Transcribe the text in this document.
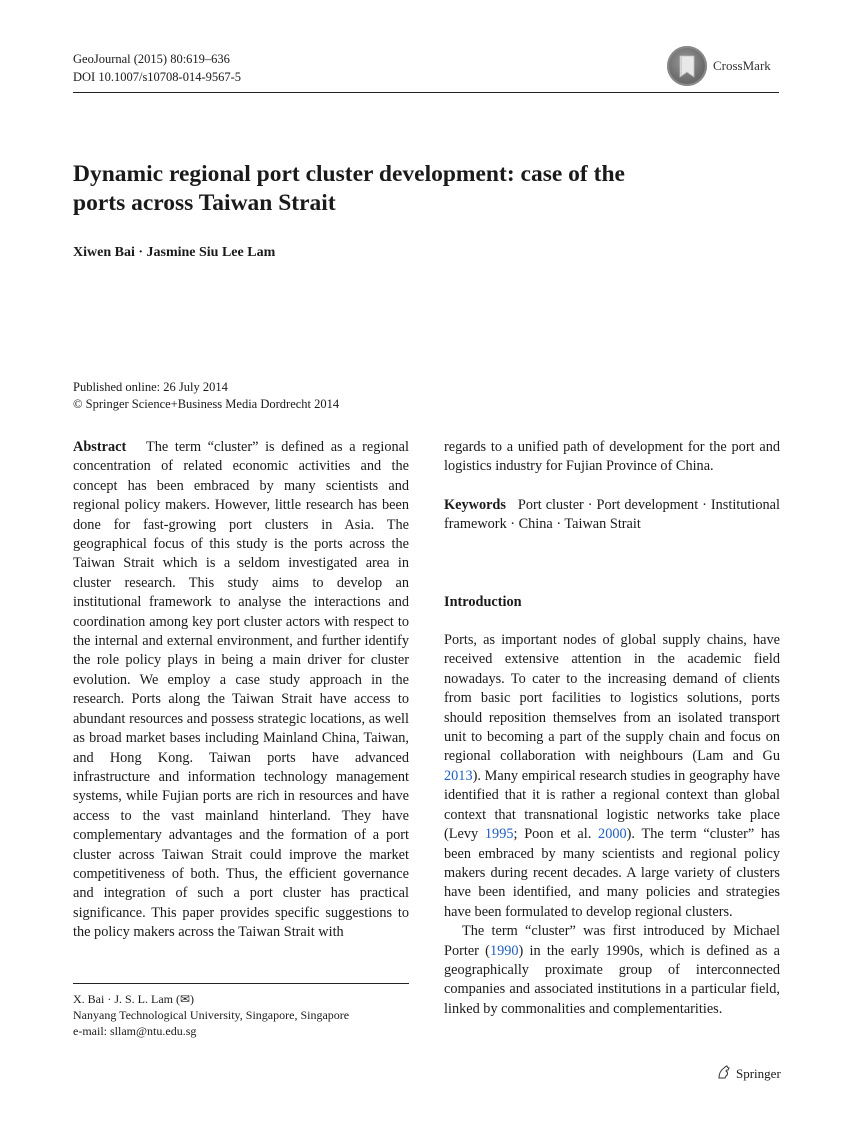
GeoJournal (2015) 80:619–636
DOI 10.1007/s10708-014-9567-5
CrossMark
Dynamic regional port cluster development: case of the ports across Taiwan Strait
Xiwen Bai · Jasmine Siu Lee Lam
Published online: 26 July 2014
© Springer Science+Business Media Dordrecht 2014

Abstract The term “cluster” is defined as a regional concentration of related economic activities and the concept has been embraced by many scientists and regional policy makers. However, little research has been done for fast-growing port clusters in Asia. The geographical focus of this study is the ports across the Taiwan Strait which is a seldom investigated area in cluster research. This study aims to develop an institutional framework to analyse the interactions and coordination among key port cluster actors with respect to the internal and external environment, and further identify the role policy plays in being a main driver for cluster evolution. We employ a case study approach in the research. Ports along the Taiwan Strait have access to abundant resources and possess strategic locations, as well as broad market bases including Mainland China, Taiwan, and Hong Kong. Taiwan ports have advanced infrastructure and information technology management systems, while Fujian ports are rich in resources and have access to the vast mainland hinterland. They have complementary advantages and the formation of a port cluster across Taiwan Strait could improve the market competitiveness of both. Thus, the efficient governance and integration of such a port cluster has practical significance. This paper provides specific suggestions to the policy makers across the Taiwan Strait with

regards to a unified path of development for the port and logistics industry for Fujian Province of China.

Keywords Port cluster · Port development · Institutional framework · China · Taiwan Strait

Introduction

Ports, as important nodes of global supply chains, have received extensive attention in the academic field nowadays. To cater to the increasing demand of clients from basic port facilities to logistics solutions, ports should reposition themselves from an isolated transport unit to becoming a part of the supply chain and focus on regional collaboration with neighbours (Lam and Gu 2013). Many empirical research studies in geography have identified that it is rather a regional context than global context that transnational logistic networks take place (Levy 1995; Poon et al. 2000). The term “cluster” has been embraced by many scientists and regional policy makers during recent decades. A large variety of clusters have been identified, and many policies and strategies have been formulated to develop regional clusters.

The term “cluster” was first introduced by Michael Porter (1990) in the early 1990s, which is defined as a geographically proximate group of interconnected companies and associated institutions in a particular field, linked by commonalities and complementarities.

X. Bai · J. S. L. Lam (✉)
Nanyang Technological University, Singapore, Singapore
e-mail: sllam@ntu.edu.sg
Springer
